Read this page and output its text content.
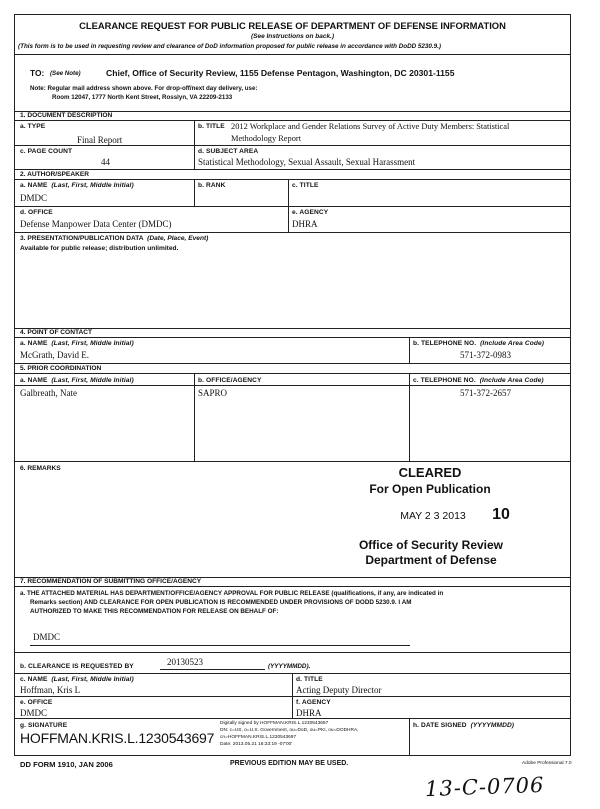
CLEARANCE REQUEST FOR PUBLIC RELEASE OF DEPARTMENT OF DEFENSE INFORMATION
(See Instructions on back.)
(This form is to be used in requesting review and clearance of DoD information proposed for public release in accordance with DoDD 5230.9.)
TO: (See Note)	Chief, Office of Security Review, 1155 Defense Pentagon, Washington, DC 20301-1155
Note: Regular mail address shown above. For drop-off/next day delivery, use:
Room 12047, 1777 North Kent Street, Rosslyn, VA 22209-2133
1. DOCUMENT DESCRIPTION
a. TYPE
Final Report
b. TITLE 2012 Workplace and Gender Relations Survey of Active Duty Members: Statistical
Methodology Report
c. PAGE COUNT
44
d. SUBJECT AREA
Statistical Methodology, Sexual Assault, Sexual Harassment
2. AUTHOR/SPEAKER
a. NAME (Last, First, Middle Initial)
DMDC
b. RANK	c. TITLE
d. OFFICE
Defense Manpower Data Center (DMDC)
e. AGENCY
DHRA
3. PRESENTATION/PUBLICATION DATA (Date, Place, Event)
Available for public release; distribution unlimited.
4. POINT OF CONTACT
a. NAME (Last, First, Middle Initial)
McGrath, David E.
b. TELEPHONE NO. (Include Area Code)
571-372-0983
5. PRIOR COORDINATION
a. NAME (Last, First, Middle Initial)
Galbreath, Nate
b. OFFICE/AGENCY
SAPRO
c. TELEPHONE NO. (Include Area Code)
571-372-2657
6. REMARKS	CLEARED
For Open Publication
MAY 2 3 2013	10
Office of Security Review
Department of Defense
7. RECOMMENDATION OF SUBMITTING OFFICE/AGENCY
a. THE ATTACHED MATERIAL HAS DEPARTMENT/OFFICE/AGENCY APPROVAL FOR PUBLIC RELEASE (qualifications, if any, are indicated in
Remarks section) AND CLEARANCE FOR OPEN PUBLICATION IS RECOMMENDED UNDER PROVISIONS OF DODD 5230.9. I AM
AUTHORIZED TO MAKE THIS RECOMMENDATION FOR RELEASE ON BEHALF OF:
DMDC
b. CLEARANCE IS REQUESTED BY	20130523	(YYYYMMDD).
c. NAME (Last, First, Middle Initial)
Hoffman, Kris L
d. TITLE
Acting Deputy Director
e. OFFICE
DMDC
f. AGENCY
DHRA
g. SIGNATURE
HOFFMAN.KRIS.L.1230543697
Digitally signed by HOFFMAN.KRIS.L.1230543697
DN: c=US, o=U.S. Government, ou=DoD, ou=PKI, ou=DODHRA,
cn=HOFFMAN.KRIS.L.1230543697
Date: 2013.05.21 16:33:19 -07'00'
h. DATE SIGNED (YYYYMMDD)
DD FORM 1910, JAN 2006	PREVIOUS EDITION MAY BE USED.	Adobe Professional 7.0
13-C-0706
